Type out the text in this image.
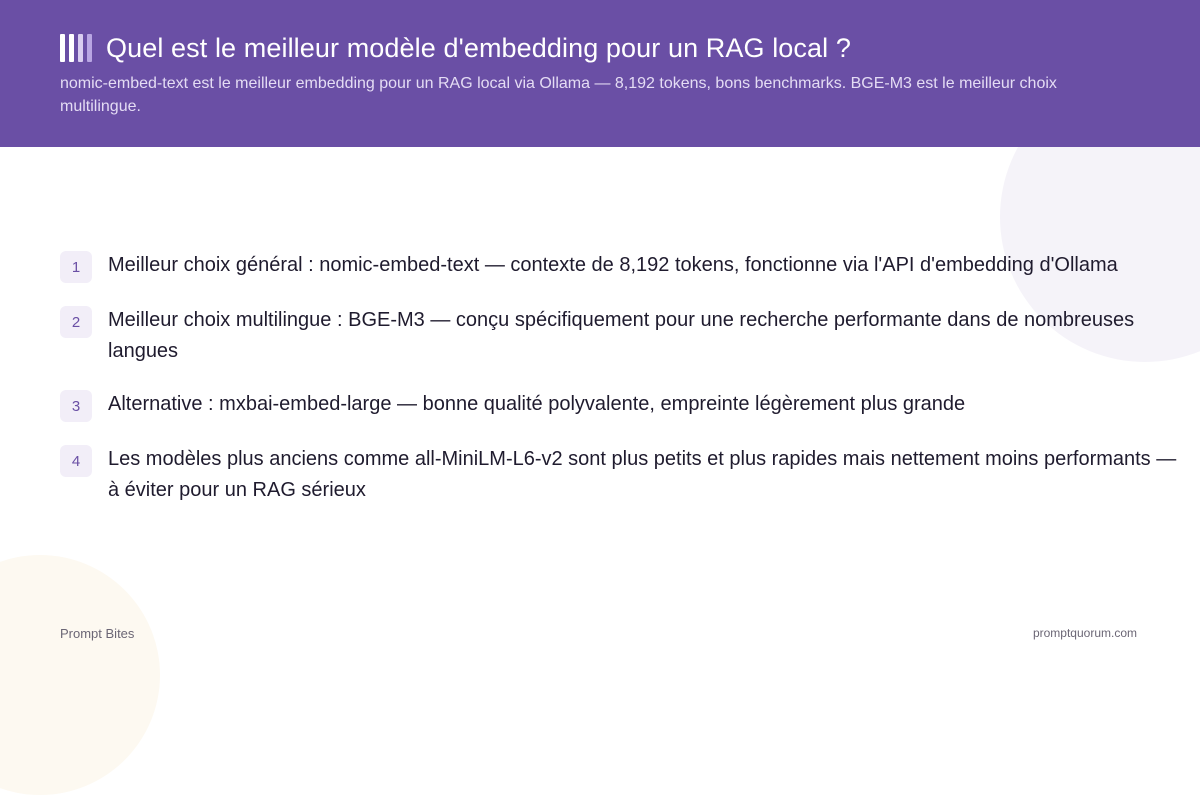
Quel est le meilleur modèle d'embedding pour un RAG local ?
nomic-embed-text est le meilleur embedding pour un RAG local via Ollama — 8,192 tokens, bons benchmarks. BGE-M3 est le meilleur choix multilingue.
1	Meilleur choix général : nomic-embed-text — contexte de 8,192 tokens, fonctionne via l'API d'embedding d'Ollama
2	Meilleur choix multilingue : BGE-M3 — conçu spécifiquement pour une recherche performante dans de nombreuses langues
3	Alternative : mxbai-embed-large — bonne qualité polyvalente, empreinte légèrement plus grande
4	Les modèles plus anciens comme all-MiniLM-L6-v2 sont plus petits et plus rapides mais nettement moins performants — à éviter pour un RAG sérieux
Prompt Bites	promptquorum.com
